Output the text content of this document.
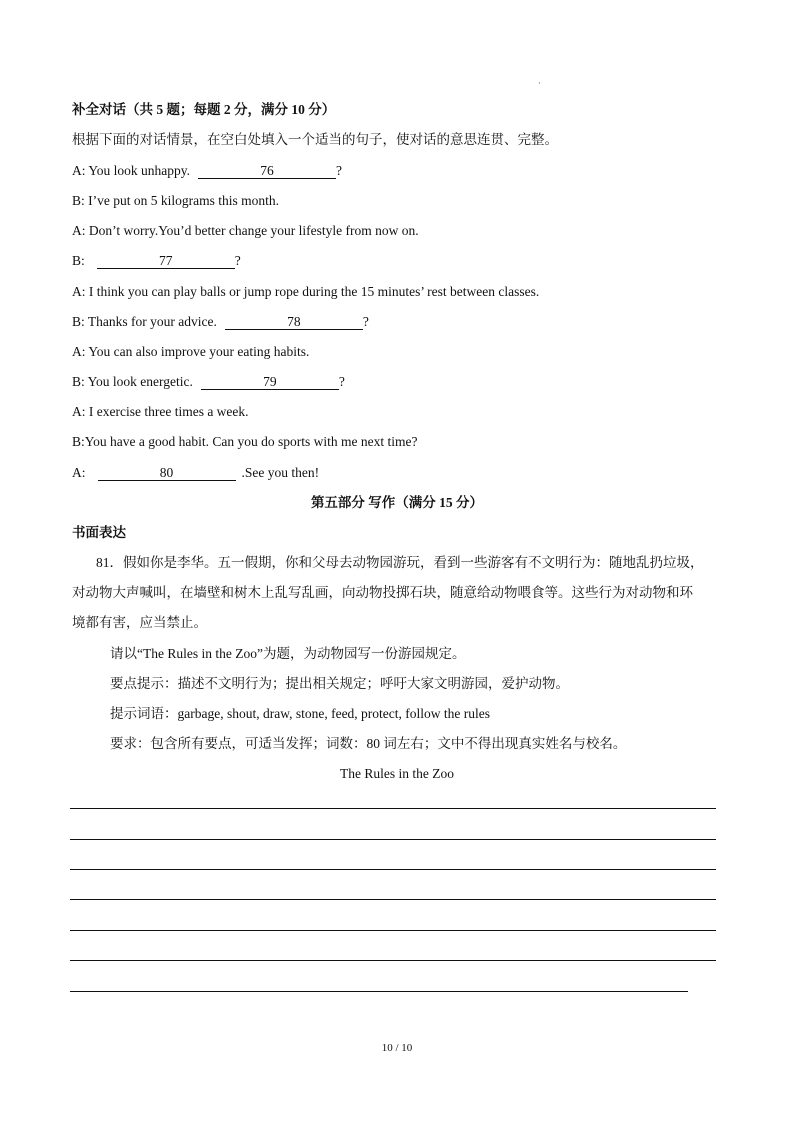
·
补全对话（共 5 题；每题 2 分，满分 10 分）
根据下面的对话情景，在空白处填入一个适当的句子，使对话的意思连贯、完整。
A: You look unhappy.	76	?
B: I’ve put on 5 kilograms this month.
A: Don’t worry.You’d better change your lifestyle from now on.
B:	77	?
A: I think you can play balls or jump rope during the 15 minutes’ rest between classes.
B: Thanks for your advice.	78	?
A: You can also improve your eating habits.
B: You look energetic.	79	?
A: I exercise three times a week.
B:You have a good habit. Can you do sports with me next time?
A:	80	.See you then!
第五部分 写作（满分 15 分）
书面表达
81．假如你是李华。五一假期，你和父母去动物园游玩，看到一些游客有不文明行为：随地乱扔垃圾，
对动物大声喊叫，在墙壁和树木上乱写乱画，向动物投掷石块，随意给动物喂食等。这些行为对动物和环
境都有害，应当禁止。
请以“The Rules in the Zoo”为题，为动物园写一份游园规定。
要点提示：描述不文明行为；提出相关规定；呼吁大家文明游园，爱护动物。
提示词语：garbage, shout, draw, stone, feed, protect, follow the rules
要求：包含所有要点，可适当发挥；词数：80 词左右；文中不得出现真实姓名与校名。
The Rules in the Zoo
10 / 10
